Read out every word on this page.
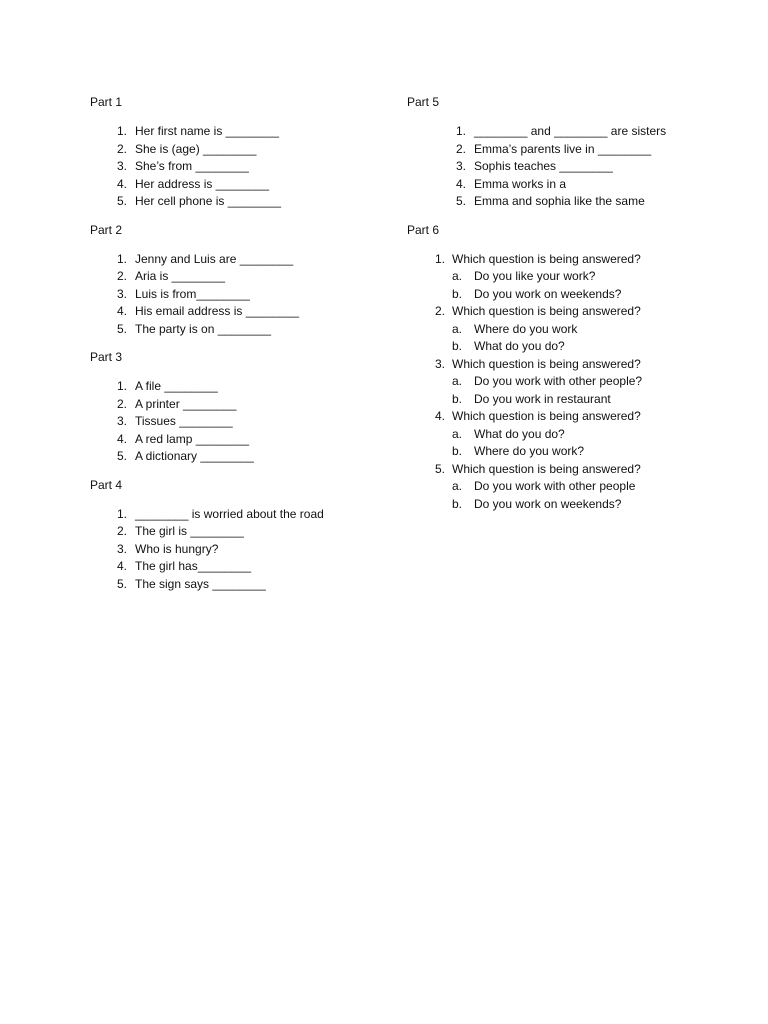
Part 1
1. Her first name is ________
2. She is (age) ________
3. She’s from ________
4. Her address is ________
5. Her cell phone is ________
Part 2
1. Jenny and Luis are ________
2. Aria is ________
3. Luis is from________
4. His email address is ________
5. The party is on ________
Part 3
1. A file ________
2. A printer ________
3. Tissues ________
4. A red lamp ________
5. A dictionary ________
Part 4
1. ________ is worried about the road
2. The girl is ________
3. Who is hungry?
4. The girl has________
5. The sign says ________
Part 5
1. ________ and ________ are sisters
2. Emma’s parents live in ________
3. Sophis teaches ________
4. Emma works in a
5. Emma and sophia like the same
Part 6
1. Which question is being answered?
a. Do you like your work?
b. Do you work on weekends?
2. Which question is being answered?
a. Where do you work
b. What do you do?
3. Which question is being answered?
a. Do you work with other people?
b. Do you work in restaurant
4. Which question is being answered?
a. What do you do?
b. Where do you work?
5. Which question is being answered?
a. Do you work with other people
b. Do you work on weekends?
